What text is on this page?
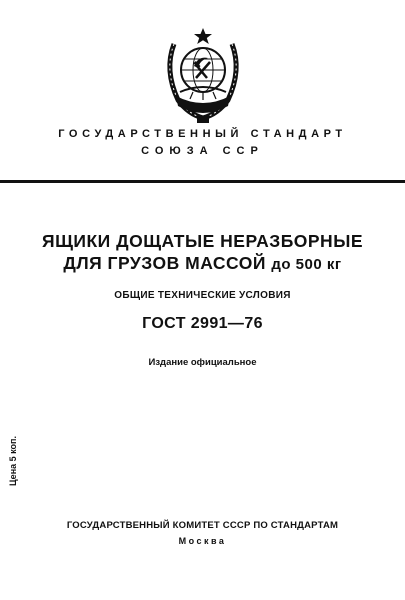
ГОСУДАРСТВЕННЫЙ СТАНДАРТ
СОЮЗА ССР
ЯЩИКИ ДОЩАТЫЕ НЕРАЗБОРНЫЕ
ДЛЯ ГРУЗОВ МАССОЙ до 500 кг
ОБЩИЕ ТЕХНИЧЕСКИЕ УСЛОВИЯ
ГОСТ 2991—76
Издание официальное
Цена 5 коп.
ГОСУДАРСТВЕННЫЙ КОМИТЕТ СССР ПО СТАНДАРТАМ
Москва
